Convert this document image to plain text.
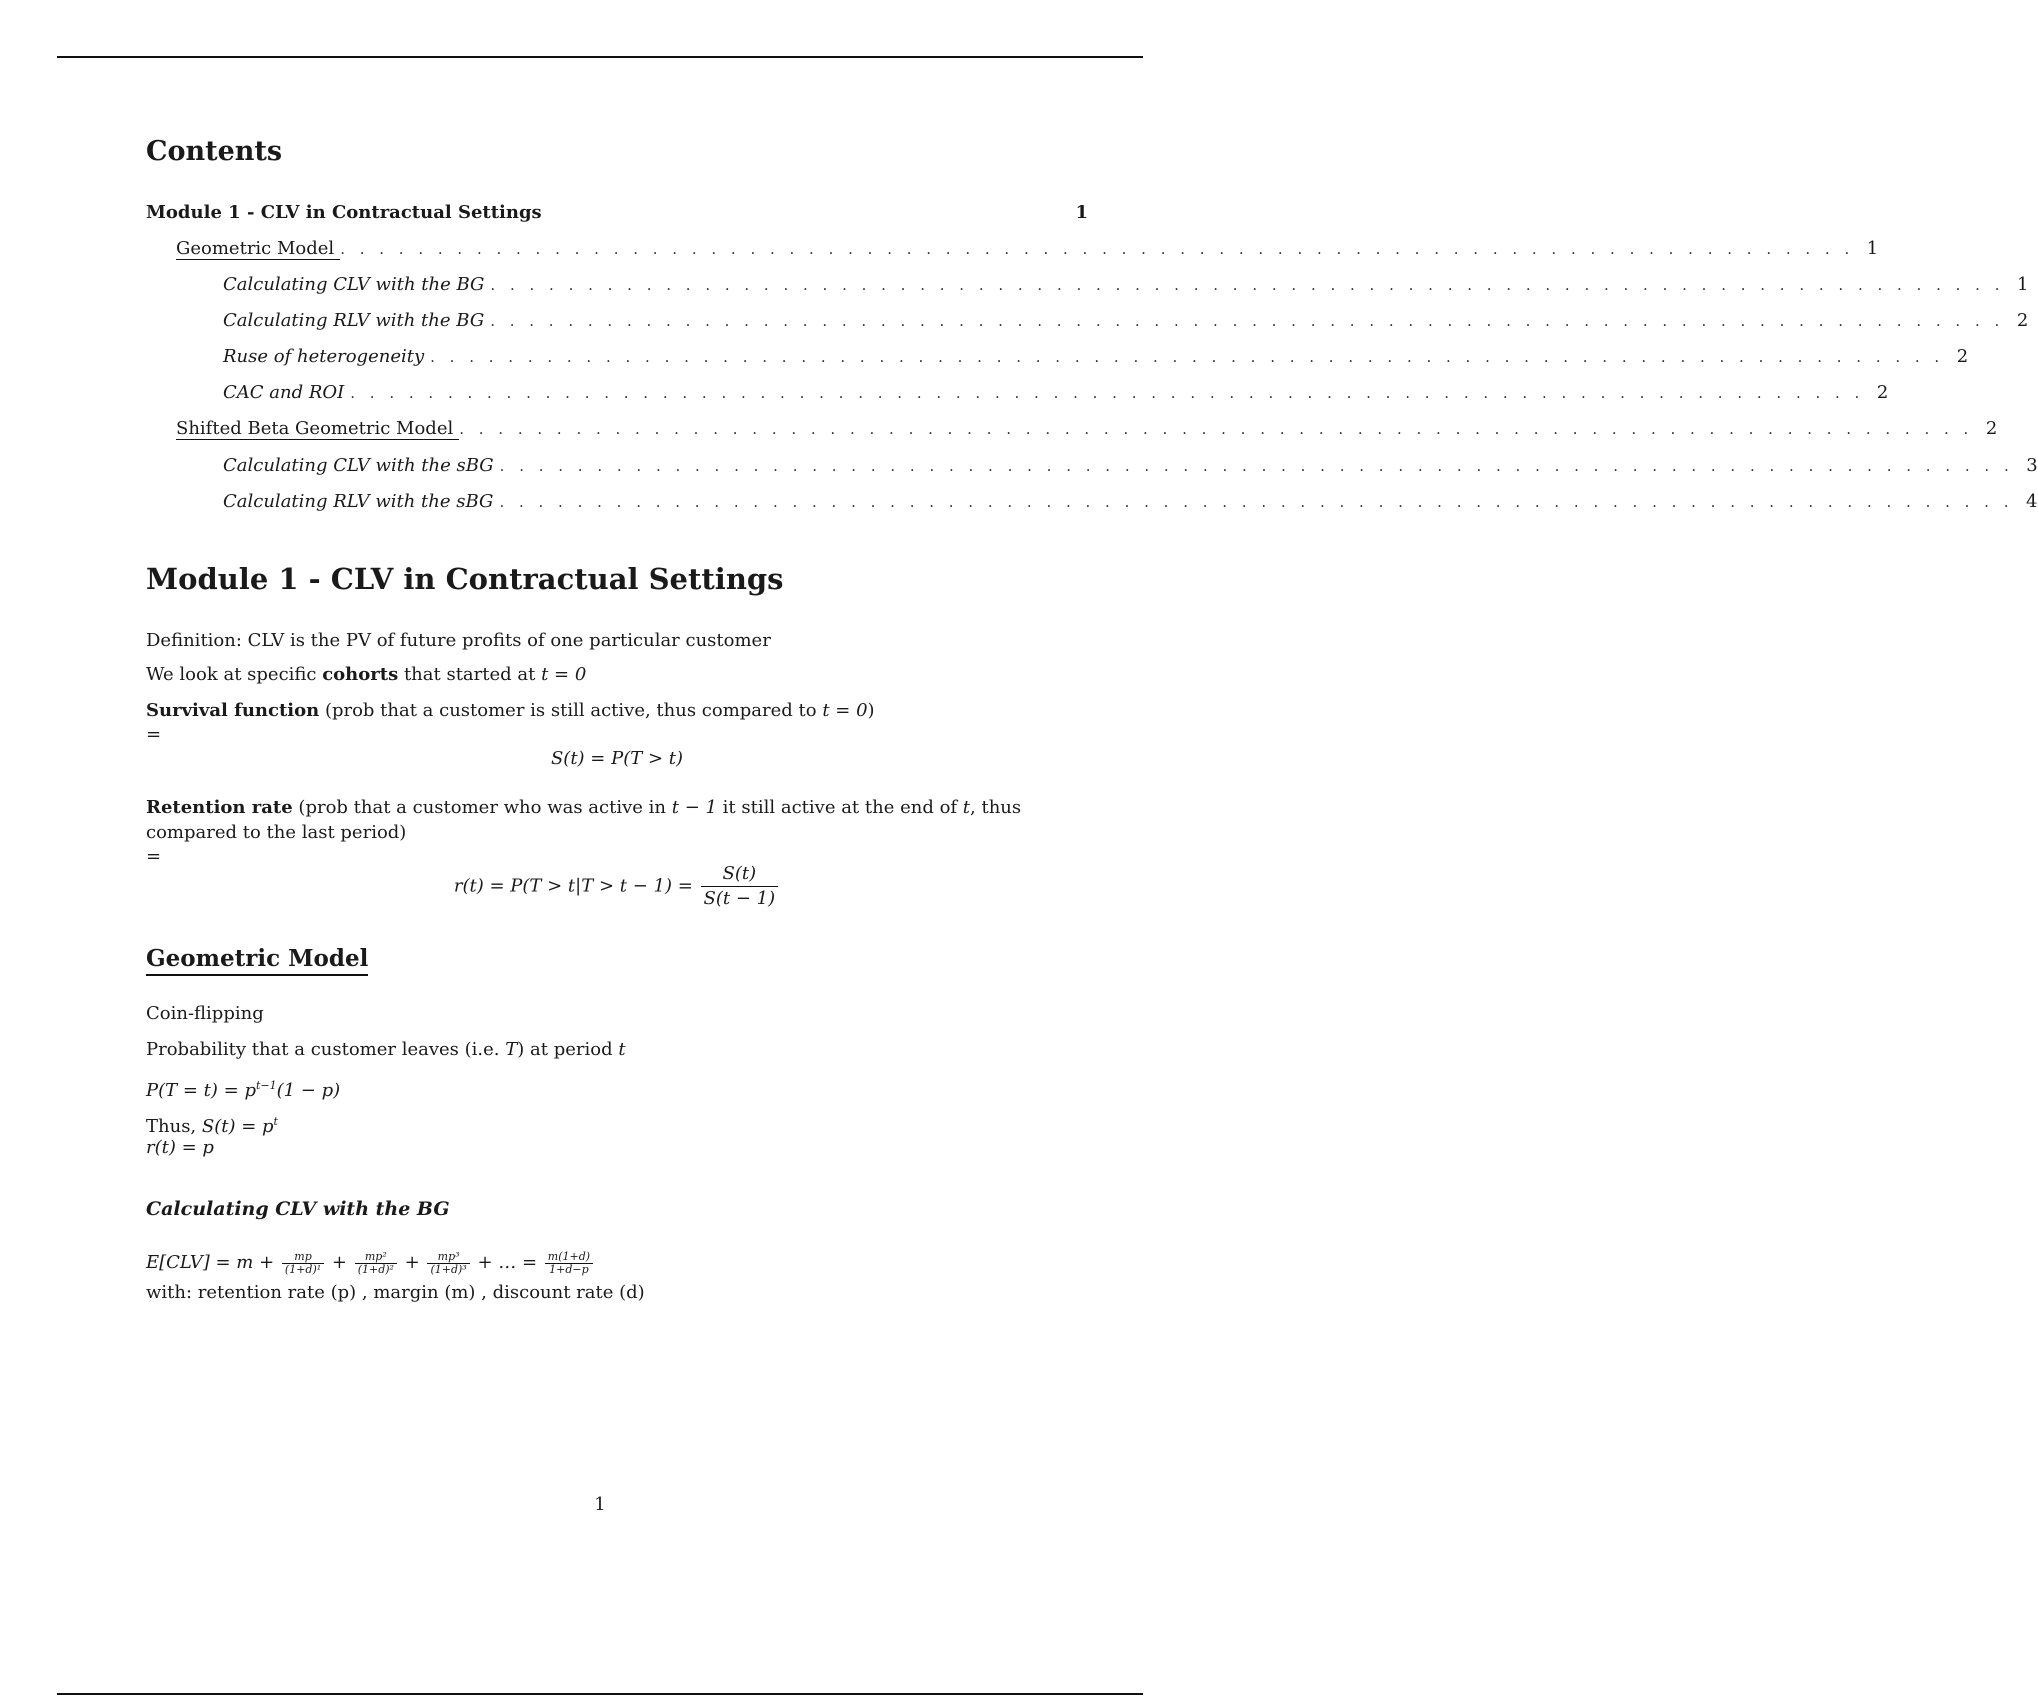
Contents
Module 1 - CLV in Contractual Settings	1
Geometric Model . . . . . . . . . . . . . . . . . . . . . . . . . . . . . . . . . . . . . . . . . . . . . . . . . . . . . . . . . . . . . . . . . . . . . . . . . . . . . . 1
Calculating CLV with the BG . . . . . . . . . . . . . . . . . . . . . . . . . . . . . . . . . . . . . . . . . . . . . . . . . . . . . . . . . . . . . . . . . . . . . . . . . . . . . . 1
Calculating RLV with the BG . . . . . . . . . . . . . . . . . . . . . . . . . . . . . . . . . . . . . . . . . . . . . . . . . . . . . . . . . . . . . . . . . . . . . . . . . . . . . . 2
Ruse of heterogeneity . . . . . . . . . . . . . . . . . . . . . . . . . . . . . . . . . . . . . . . . . . . . . . . . . . . . . . . . . . . . . . . . . . . . . . . . . . . . . . 2
CAC and ROI . . . . . . . . . . . . . . . . . . . . . . . . . . . . . . . . . . . . . . . . . . . . . . . . . . . . . . . . . . . . . . . . . . . . . . . . . . . . . . 2
Shifted Beta Geometric Model . . . . . . . . . . . . . . . . . . . . . . . . . . . . . . . . . . . . . . . . . . . . . . . . . . . . . . . . . . . . . . . . . . . . . . . . . . . . . . 2
Calculating CLV with the sBG . . . . . . . . . . . . . . . . . . . . . . . . . . . . . . . . . . . . . . . . . . . . . . . . . . . . . . . . . . . . . . . . . . . . . . . . . . . . . . 3
Calculating RLV with the sBG . . . . . . . . . . . . . . . . . . . . . . . . . . . . . . . . . . . . . . . . . . . . . . . . . . . . . . . . . . . . . . . . . . . . . . . . . . . . . . 4
Module 1 - CLV in Contractual Settings
Definition: CLV is the PV of future profits of one particular customer
We look at specific cohorts that started at t = 0
Survival function (prob that a customer is still active, thus compared to t = 0)
=
S(t) = P(T > t)
Retention rate (prob that a customer who was active in t − 1 it still active at the end of t, thus compared to the last period)
=
$r(t) = P(T > t|T > t - 1) = \frac{S(t)}{S(t - 1)}$
Geometric Model
Coin-flipping
Probability that a customer leaves (i.e. T) at period t
$P(T = t) = p^{t-1}(1 - p)$
Thus, $S(t) = p^t$
r(t) = p
Calculating CLV with the BG
$E[CLV] = m + \frac{mp}{\text{(1+d)¹}} + \frac{\text{mp²}}{\text{(1+d)²}} + \frac{\text{mp³}}{\text{(1+d)³}}$ + … = $\frac{m(1+d)}{1+d-p}$
with: retention rate (p) , margin (m) , discount rate (d)
1
